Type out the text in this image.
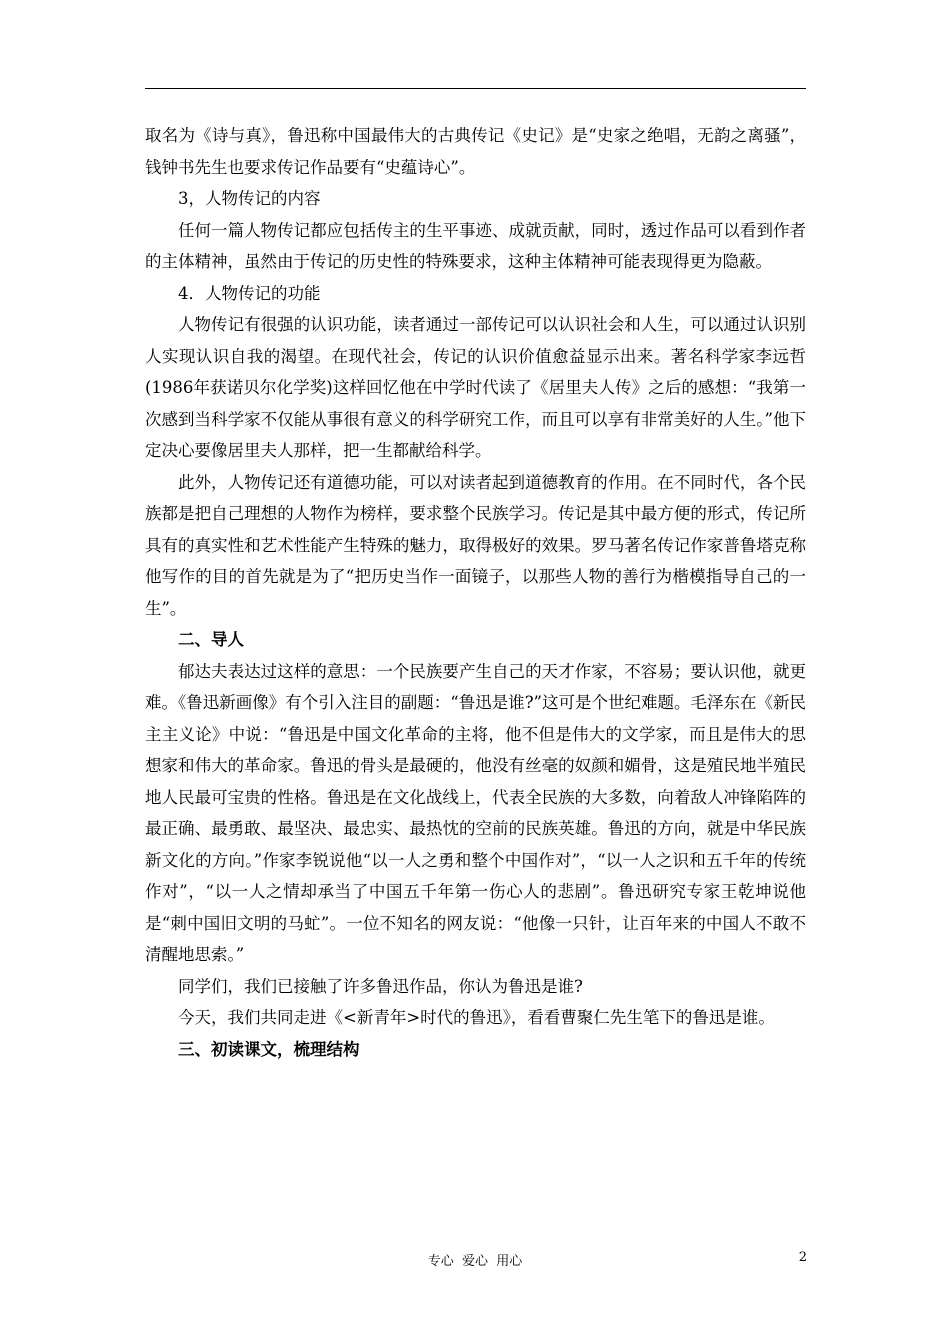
取名为《诗与真》，鲁迅称中国最伟大的古典传记《史记》是“史家之绝唱，无韵之离骚”，钱钟书先生也要求传记作品要有“史蕴诗心”。

3，人物传记的内容

任何一篇人物传记都应包括传主的生平事迹、成就贡献，同时，透过作品可以看到作者的主体精神，虽然由于传记的历史性的特殊要求，这种主体精神可能表现得更为隐蔽。

4．人物传记的功能

人物传记有很强的认识功能，读者通过一部传记可以认识社会和人生，可以通过认识别人实现认识自我的渴望。在现代社会，传记的认识价值愈益显示出来。著名科学家李远哲(1986年获诺贝尔化学奖)这样回忆他在中学时代读了《居里夫人传》之后的感想：“我第一次感到当科学家不仅能从事很有意义的科学研究工作，而且可以享有非常美好的人生。”他下定决心要像居里夫人那样，把一生都献给科学。

此外，人物传记还有道德功能，可以对读者起到道德教育的作用。在不同时代，各个民族都是把自己理想的人物作为榜样，要求整个民族学习。传记是其中最方便的形式，传记所具有的真实性和艺术性能产生特殊的魅力，取得极好的效果。罗马著名传记作家普鲁塔克称他写作的目的首先就是为了“把历史当作一面镜子，以那些人物的善行为楷模指导自己的一生”。

二、导人

郁达夫表达过这样的意思：一个民族要产生自己的天才作家，不容易；要认识他，就更难。《鲁迅新画像》有个引入注目的副题：“鲁迅是谁?”这可是个世纪难题。毛泽东在《新民主主义论》中说：“鲁迅是中国文化革命的主将，他不但是伟大的文学家，而且是伟大的思想家和伟大的革命家。鲁迅的骨头是最硬的，他没有丝毫的奴颜和媚骨，这是殖民地半殖民地人民最可宝贵的性格。鲁迅是在文化战线上，代表全民族的大多数，向着敌人冲锋陷阵的最正确、最勇敢、最坚决、最忠实、最热忱的空前的民族英雄。鲁迅的方向，就是中华民族新文化的方向。”作家李锐说他“以一人之勇和整个中国作对”，“以一人之识和五千年的传统作对”，“以一人之情却承当了中国五千年第一伤心人的悲剧”。鲁迅研究专家王乾坤说他是“刺中国旧文明的马虻”。一位不知名的网友说：“他像一只针，让百年来的中国人不敢不清醒地思索。”

同学们，我们已接触了许多鲁迅作品，你认为鲁迅是谁?

今天，我们共同走进《<新青年>时代的鲁迅》，看看曹聚仁先生笔下的鲁迅是谁。

三、初读课文，梳理结构

专心  爱心  用心	2
